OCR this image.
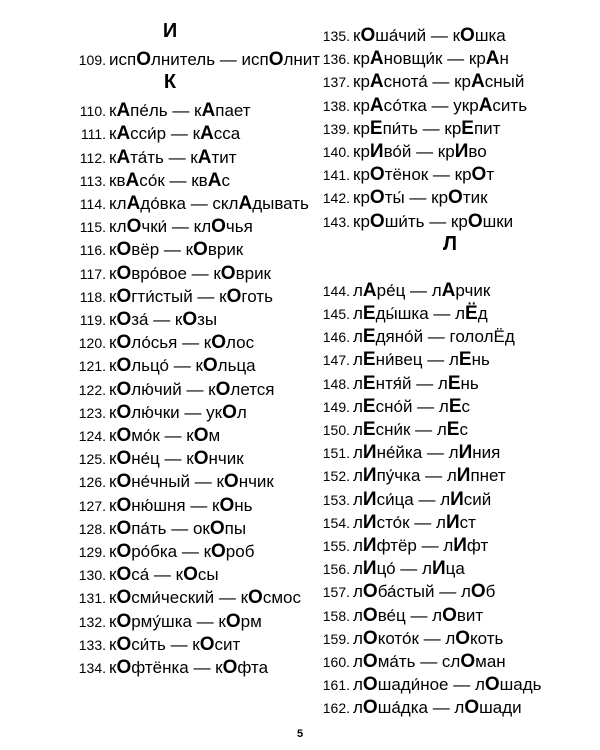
И
109. испОлнитель — испОлнит
К
110. кАпе́ль — кАпает
111. кАсси́р — кАсса
112. кАта́ть — кАтит
113. квАсо́к — квАс
114. клАдо́вка — склАдывать
115. клОчки́ — клОчья
116. кОвёр — кОврик
117. кОвро́вое — кОврик
118. кОгти́стый — кОготь
119. кОза́ — кОзы
120. кОло́сья — кОлос
121. кОльцо́ — кОльца
122. кОлю́чий — кОлется
123. кОлю́чки — укОл
124. кОмо́к — кОм
125. кОне́ц — кОнчик
126. кОне́чный — кОнчик
127. кОню́шня — кОнь
128. кОпа́ть — окОпы
129. кОро́бка — кОроб
130. кОса́ — кОсы
131. кОсми́ческий — кОсмос
132. кОрму́шка — кОрм
133. кОси́ть — кОсит
134. кОфтёнка — кОфта
135. кОша́чий — кОшка
136. крАновщи́к — крАн
137. крАснота́ — крАсный
138. крАсо́тка — укрАсить
139. крЕпи́ть — крЕпит
140. крИво́й — крИво
141. крОтёнок — крОт
142. крОты́ — крОтик
143. крОши́ть — крОшки
Л
144. лАре́ц — лАрчик
145. лЕды́шка — лЁд
146. лЕдяно́й — гололЁд
147. лЕни́вец — лЕнь
148. лЕнтя́й — лЕнь
149. лЕсно́й — лЕс
150. лЕсни́к — лЕс
151. лИне́йка — лИния
152. лИпу́чка — лИпнет
153. лИси́ца — лИсий
154. лИсто́к — лИст
155. лИфтёр — лИфт
156. лИцо́ — лИца
157. лОба́стый — лОб
158. лОве́ц — лОвит
159. лОкото́к — лОкоть
160. лОма́ть — слОман
161. лОшади́ное — лОшадь
162. лОша́дка — лОшади
5
